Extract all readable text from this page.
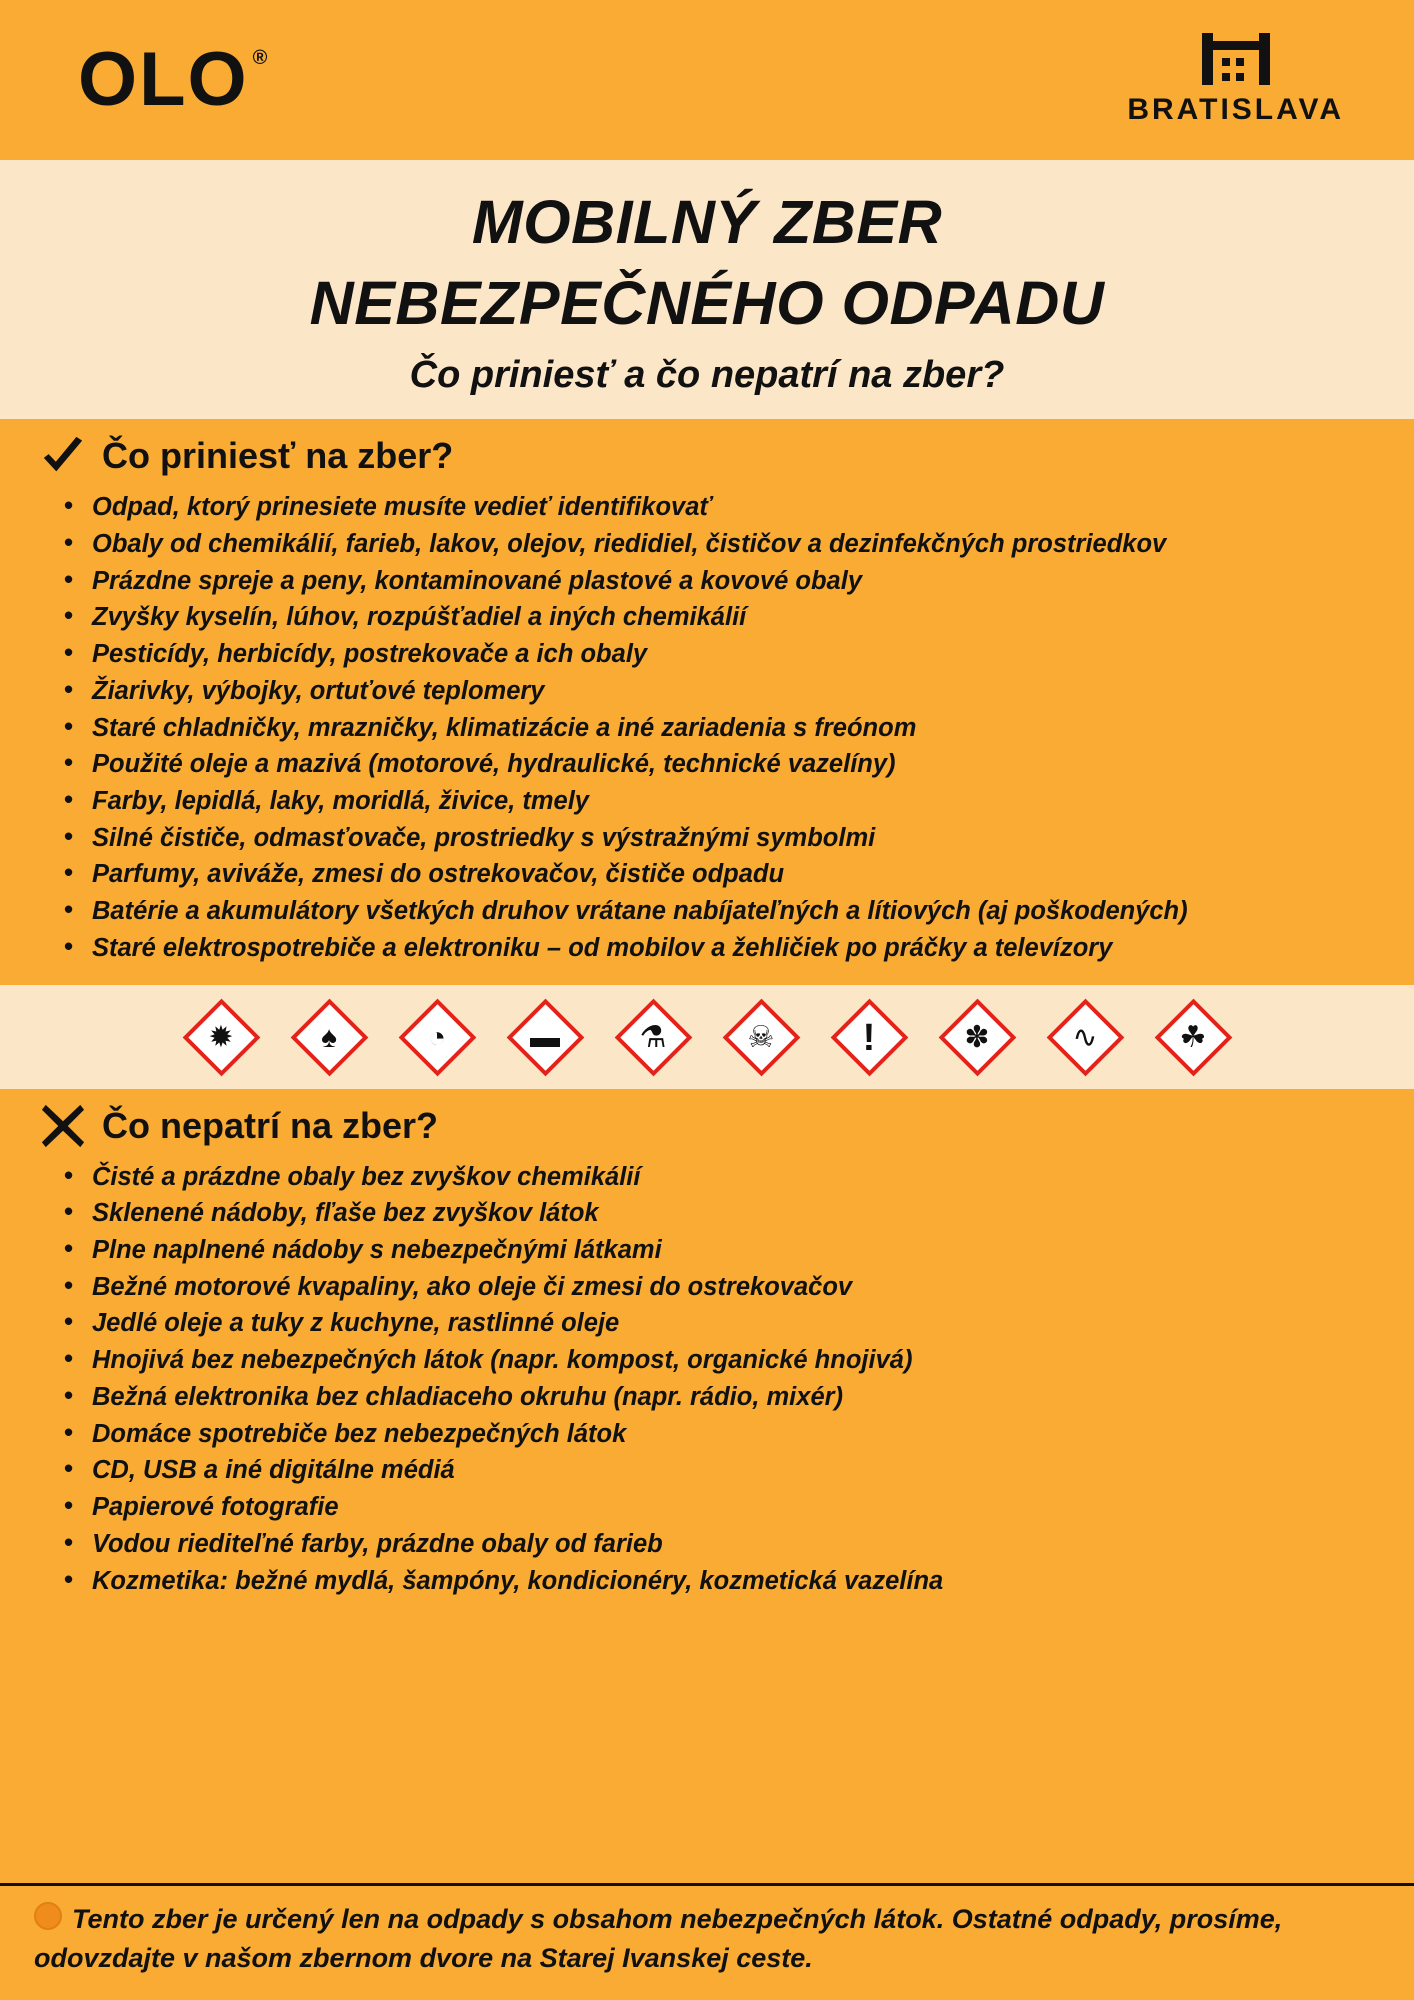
OLO ®
BRATISLAVA
MOBILNÝ ZBER
NEBEZPEČNÉHO ODPADU
Čo priniesť a čo nepatrí na zber?
Čo priniesť na zber?
• Odpad, ktorý prinesiete musíte vedieť identifikovať
• Obaly od chemikálií, farieb, lakov, olejov, riedidiel, čističov a dezinfekčných prostriedkov
• Prázdne spreje a peny, kontaminované plastové a kovové obaly
• Zvyšky kyselín, lúhov, rozpúšťadiel a iných chemikálií
• Pesticídy, herbicídy, postrekovače a ich obaly
• Žiarivky, výbojky, ortuťové teplomery
• Staré chladničky, mrazničky, klimatizácie a iné zariadenia s freónom
• Použité oleje a mazivá (motorové, hydraulické, technické vazelíny)
• Farby, lepidlá, laky, moridlá, živice, tmely
• Silné čističe, odmasťovače, prostriedky s výstražnými symbolmi
• Parfumy, aviváže, zmesi do ostrekovačov, čističe odpadu
• Batérie a akumulátory všetkých druhov vrátane nabíjateľných a lítiových (aj poškodených)
• Staré elektrospotrebiče a elektroniku – od mobilov a žehličiek po práčky a televízory
✹	♠	◔	▬	⚗	☠	!	✽	∿	☘
Čo nepatrí na zber?
• Čisté a prázdne obaly bez zvyškov chemikálií
• Sklenené nádoby, fľaše bez zvyškov látok
• Plne naplnené nádoby s nebezpečnými látkami
• Bežné motorové kvapaliny, ako oleje či zmesi do ostrekovačov
• Jedlé oleje a tuky z kuchyne, rastlinné oleje
• Hnojivá bez nebezpečných látok (napr. kompost, organické hnojivá)
• Bežná elektronika bez chladiaceho okruhu (napr. rádio, mixér)
• Domáce spotrebiče bez nebezpečných látok
• CD, USB a iné digitálne médiá
• Papierové fotografie
• Vodou riediteľné farby, prázdne obaly od farieb
• Kozmetika: bežné mydlá, šampóny, kondicionéry, kozmetická vazelína

Tento zber je určený len na odpady s obsahom nebezpečných látok. Ostatné odpady, prosíme, odovzdajte v našom zbernom dvore na Starej Ivanskej ceste.
